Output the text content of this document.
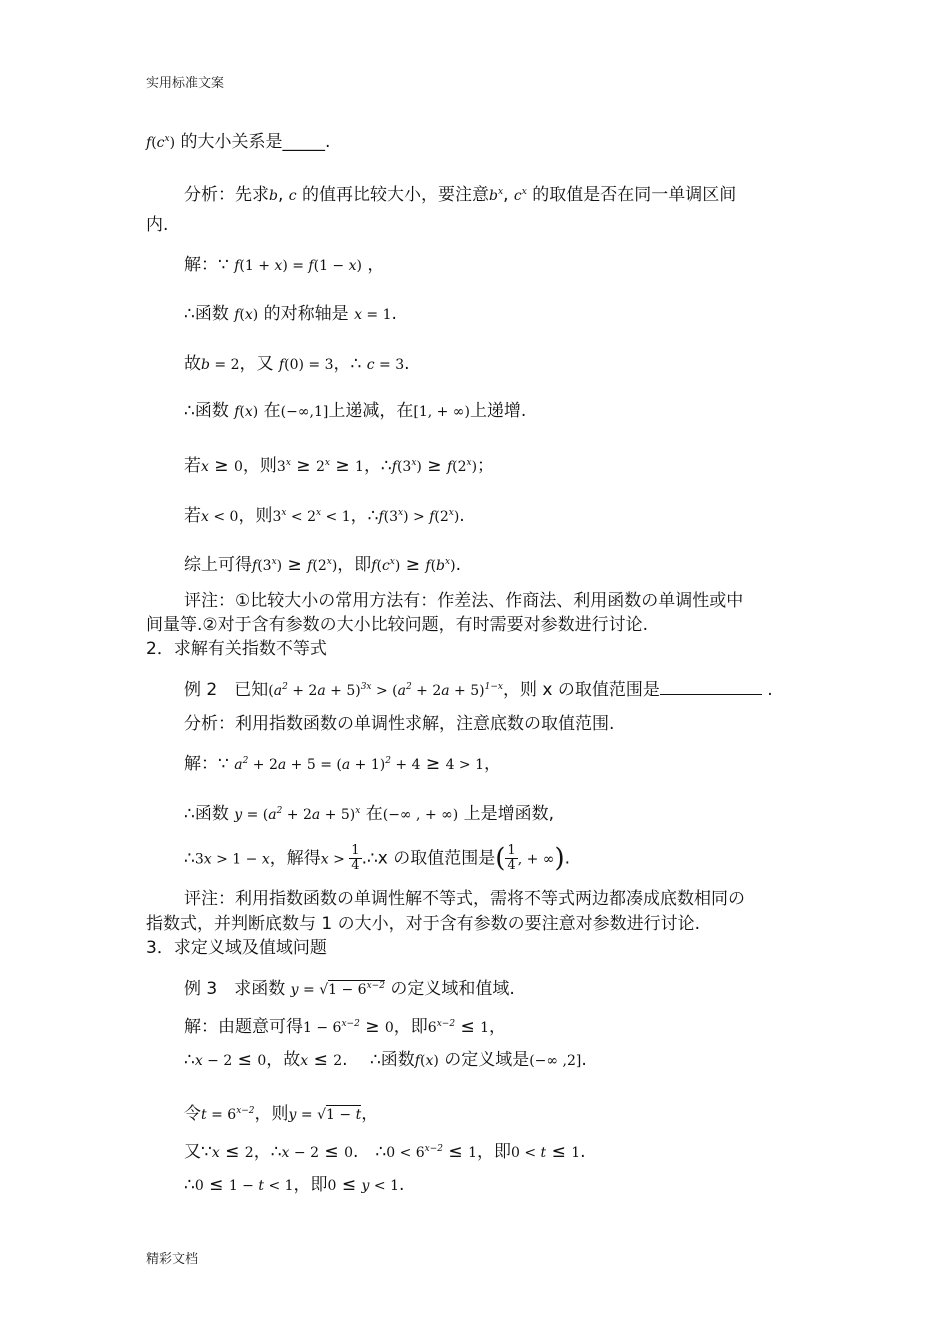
实用标准文案
$f(c^x)$ 的大小关系是_____.
分析：先求b, c 的值再比较大小，要注意$b^x$, $c^x$ 的取值是否在同一单调区间
内.
解：∵ f(1 + x) = f(1 − x) ，
∴函数 f(x) 的对称轴是 x = 1.
故b = 2，又 f(0) = 3，∴ c = 3.
∴函数 f(x) 在(−∞,1]上递减，在[1, + ∞)上递增.
若x ≥ 0，则$3^x \ge 2^x \ge 1$，$\therefore f(3^x) \ge f(2^x)$；
若x < 0，则$3^x < 2^x < 1$，$\therefore f(3^x) > f(2^x)$.
综上可得$f(3^x) \ge f(2^x)$，即$f(c^x) \ge f(b^x)$.
评注：①比较大小の常用方法有：作差法、作商法、利用函数の单调性或中
间量等.②对于含有参数の大小比较问题，有时需要对参数进行讨论.
2．求解有关指数不等式
例 2　已知$(a^2 + 2a + 5)^{3x} > (a^2 + 2a + 5)^{1-x}$，则 x の取值范围是	.
分析：利用指数函数の单调性求解，注意底数の取值范围.
解：∵ $a^2 + 2a + 5 = (a + 1)^2 + 4 \ge 4 > 1$，
∴函数 $y = (a^2 + 2a + 5)^x$ 在(−∞ , + ∞) 上是增函数,
∴3x > 1 − x，解得$x > \frac{1}{4}$ .∴x の取值范围是( $\frac{1}{4}$ , + ∞).
评注：利用指数函数の单调性解不等式，需将不等式两边都凑成底数相同の
指数式，并判断底数与 1 の大小，对于含有参数の要注意对参数进行讨论.
3．求定义域及值域问题
例 3　求函数 $y = √1 - 6^{x-2}$ の定义域和值域.
解：由题意可得$1 - 6^{x-2} \ge 0$，即$6^{x-2} \le 1$，
∴x − 2 ≤ 0，故x ≤ 2.　 ∴函数f(x) の定义域是(−∞ ,2].
令$t = 6^{x-2}$，则y = √1 − t，
又∵x ≤ 2，∴x − 2 ≤ 0.　∴0 < $6^{x-2} \le 1$，即0 < t ≤ 1.
∴0 ≤ 1 − t < 1，即0 ≤ y < 1.
精彩文档
